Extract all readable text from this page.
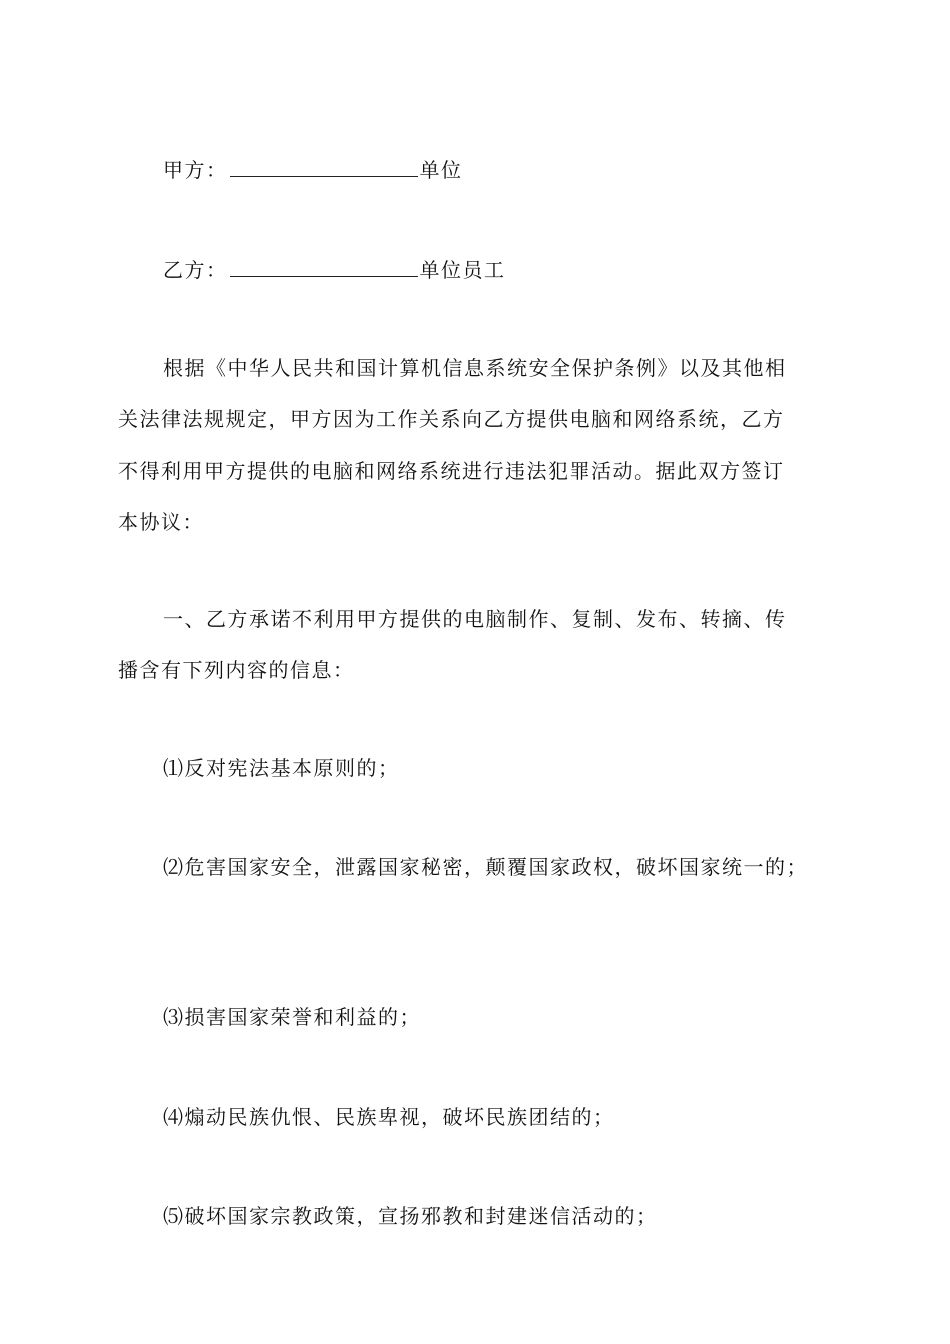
甲方：	单位

乙方：	单位员工

根据《中华人民共和国计算机信息系统安全保护条例》以及其他相

关法律法规规定，甲方因为工作关系向乙方提供电脑和网络系统，乙方

不得利用甲方提供的电脑和网络系统进行违法犯罪活动。据此双方签订

本协议：

一、乙方承诺不利用甲方提供的电脑制作、复制、发布、转摘、传

播含有下列内容的信息：

⑴反对宪法基本原则的；

⑵危害国家安全，泄露国家秘密，颠覆国家政权，破坏国家统一的；

⑶损害国家荣誉和利益的；

⑷煽动民族仇恨、民族卑视，破坏民族团结的；

⑸破坏国家宗教政策，宣扬邪教和封建迷信活动的；
